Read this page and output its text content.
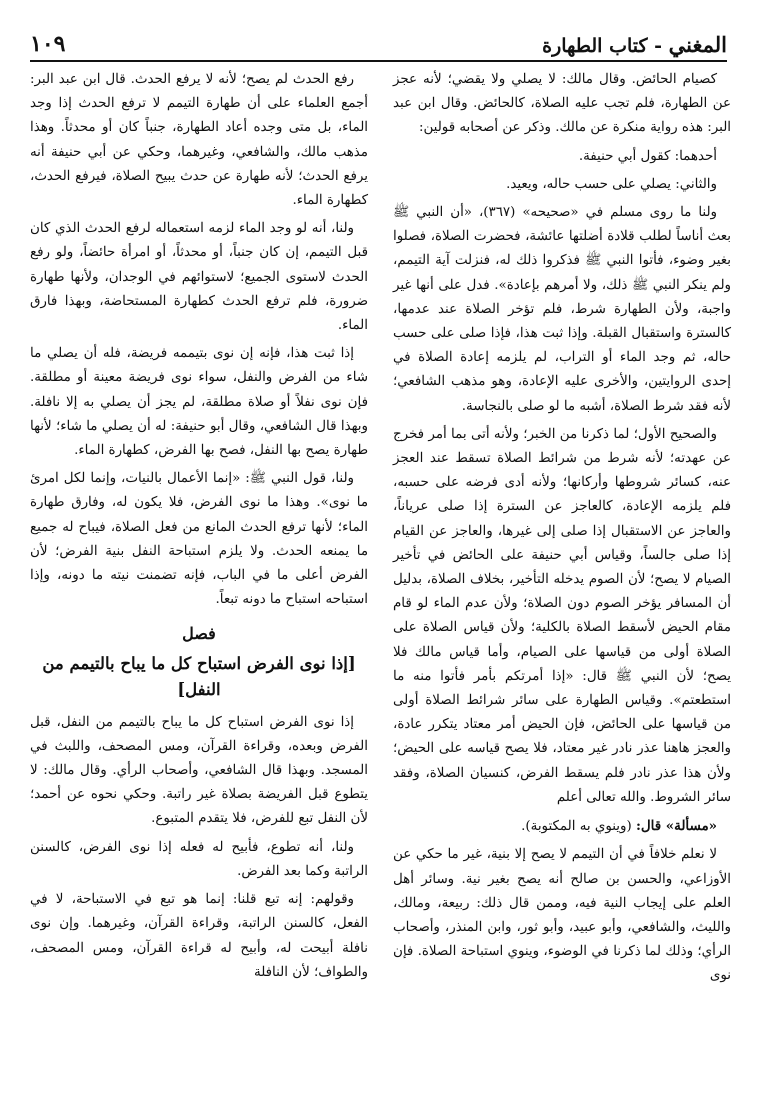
المغني - كتاب الطهارة
١٠٩

كصيام الحائض. وقال مالك: لا يصلي ولا يقضي؛ لأنه عجز عن الطهارة، فلم تجب عليه الصلاة، كالحائض. وقال ابن عبد البر: هذه رواية منكرة عن مالك. وذكر عن أصحابه قولين:

أحدهما: كقول أبي حنيفة.

والثاني: يصلي على حسب حاله، ويعيد.

ولنا ما روى مسلم في «صحيحه» (٣٦٧)، «أن النبي ﷺ بعث أناساً لطلب قلادة أضلتها عائشة، فحضرت الصلاة، فصلوا بغير وضوء، فأتوا النبي ﷺ فذكروا ذلك له، فنزلت آية التيمم، ولم ينكر النبي ﷺ ذلك، ولا أمرهم بإعادة». فدل على أنها غير واجبة، ولأن الطهارة شرط، فلم تؤخر الصلاة عند عدمها، كالسترة واستقبال القبلة. وإذا ثبت هذا، فإذا صلى على حسب حاله، ثم وجد الماء أو التراب، لم يلزمه إعادة الصلاة في إحدى الروايتين، والأخرى عليه الإعادة، وهو مذهب الشافعي؛ لأنه فقد شرط الصلاة، أشبه ما لو صلى بالنجاسة.

والصحيح الأول؛ لما ذكرنا من الخبر؛ ولأنه أتى بما أمر فخرج عن عهدته؛ لأنه شرط من شرائط الصلاة تسقط عند العجز عنه، كسائر شروطها وأركانها؛ ولأنه أدى فرضه على حسبه، فلم يلزمه الإعادة، كالعاجز عن السترة إذا صلى عرياناً، والعاجز عن الاستقبال إذا صلى إلى غيرها، والعاجز عن القيام إذا صلى جالساً، وقياس أبي حنيفة على الحائض في تأخير الصيام لا يصح؛ لأن الصوم يدخله التأخير، بخلاف الصلاة، بدليل أن المسافر يؤخر الصوم دون الصلاة؛ ولأن عدم الماء لو قام مقام الحيض لأسقط الصلاة بالكلية؛ ولأن قياس الصلاة على الصلاة أولى من قياسها على الصيام، وأما قياس مالك فلا يصح؛ لأن النبي ﷺ قال: «إذا أمرتكم بأمر فأتوا منه ما استطعتم». وقياس الطهارة على سائر شرائط الصلاة أولى من قياسها على الحائض، فإن الحيض أمر معتاد يتكرر عادة، والعجز هاهنا عذر نادر غير معتاد، فلا يصح قياسه على الحيض؛ ولأن هذا عذر نادر فلم يسقط الفرض، كنسيان الصلاة، وفقد سائر الشروط. والله تعالى أعلم

«مسألة» قال: (وينوي به المكتوبة).

لا نعلم خلافاً في أن التيمم لا يصح إلا بنية، غير ما حكي عن الأوزاعي، والحسن بن صالح أنه يصح بغير نية. وسائر أهل العلم على إيجاب النية فيه، وممن قال ذلك: ربيعة، ومالك، والليث، والشافعي، وأبو عبيد، وأبو ثور، وابن المنذر، وأصحاب الرأي؛ وذلك لما ذكرنا في الوضوء، وينوي استباحة الصلاة. فإن نوى

رفع الحدث لم يصح؛ لأنه لا يرفع الحدث. قال ابن عبد البر: أجمع العلماء على أن طهارة التيمم لا ترفع الحدث إذا وجد الماء، بل متى وجده أعاد الطهارة، جنباً كان أو محدثاً. وهذا مذهب مالك، والشافعي، وغيرهما، وحكي عن أبي حنيفة أنه يرفع الحدث؛ لأنه طهارة عن حدث يبيح الصلاة، فيرفع الحدث، كطهارة الماء.

ولنا، أنه لو وجد الماء لزمه استعماله لرفع الحدث الذي كان قبل التيمم، إن كان جنباً، أو محدثاً، أو امرأة حائضاً، ولو رفع الحدث لاستوى الجميع؛ لاستوائهم في الوجدان، ولأنها طهارة ضرورة، فلم ترفع الحدث كطهارة المستحاضة، وبهذا فارق الماء.

إذا ثبت هذا، فإنه إن نوى بتيممه فريضة، فله أن يصلي ما شاء من الفرض والنفل، سواء نوى فريضة معينة أو مطلقة. فإن نوى نفلاً أو صلاة مطلقة، لم يجز أن يصلي به إلا نافلة. وبهذا قال الشافعي، وقال أبو حنيفة: له أن يصلي ما شاء؛ لأنها طهارة يصح بها النفل، فصح بها الفرض، كطهارة الماء.

ولنا، قول النبي ﷺ: «إنما الأعمال بالنيات، وإنما لكل امرئ ما نوى». وهذا ما نوى الفرض، فلا يكون له، وفارق طهارة الماء؛ لأنها ترفع الحدث المانع من فعل الصلاة، فيباح له جميع ما يمنعه الحدث. ولا يلزم استباحة النفل بنية الفرض؛ لأن الفرض أعلى ما في الباب، فإنه تضمنت نيته ما دونه، وإذا استباحه استباح ما دونه تبعاً.

فصل
[إذا نوى الفرض استباح كل ما يباح بالتيمم من النفل]

إذا نوى الفرض استباح كل ما يباح بالتيمم من النفل، قبل الفرض وبعده، وقراءة القرآن، ومس المصحف، واللبث في المسجد. وبهذا قال الشافعي، وأصحاب الرأي. وقال مالك: لا يتطوع قبل الفريضة بصلاة غير راتبة. وحكي نحوه عن أحمد؛ لأن النفل تبع للفرض، فلا يتقدم المتبوع.

ولنا، أنه تطوع، فأبيح له فعله إذا نوى الفرض، كالسنن الراتبة وكما بعد الفرض.

وقولهم: إنه تبع قلنا: إنما هو تبع في الاستباحة، لا في الفعل، كالسنن الراتبة، وقراءة القرآن، وغيرهما. وإن نوى نافلة أبيحت له، وأبيح له قراءة القرآن، ومس المصحف، والطواف؛ لأن النافلة
